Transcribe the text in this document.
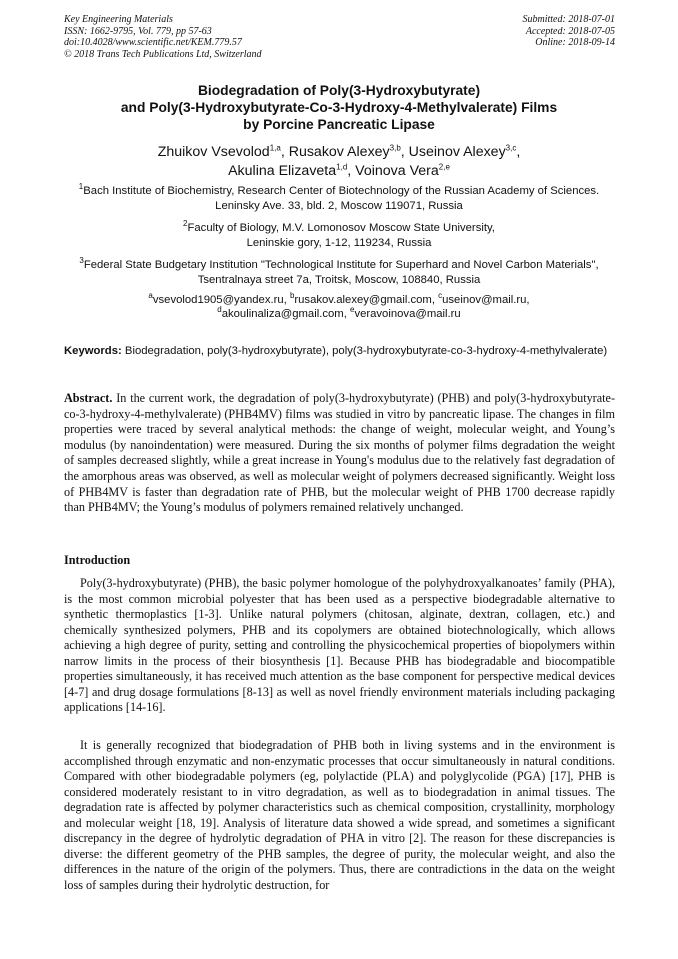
Key Engineering Materials
ISSN: 1662-9795, Vol. 779, pp 57-63
doi:10.4028/www.scientific.net/KEM.779.57
© 2018 Trans Tech Publications Ltd, Switzerland
Submitted: 2018-07-01
Accepted: 2018-07-05
Online: 2018-09-14
Biodegradation of Poly(3-Hydroxybutyrate)
and Poly(3-Hydroxybutyrate-Co-3-Hydroxy-4-Methylvalerate) Films
by Porcine Pancreatic Lipase
Zhuikov Vsevolod$^{1,a}$, Rusakov Alexey$^{3,b}$, Useinov Alexey$^{3,c}$,
Akulina Elizaveta$^{1,d}$, Voinova Vera$^{2,e}$
$^1$Bach Institute of Biochemistry, Research Center of Biotechnology of the Russian Academy of Sciences. Leninsky Ave. 33, bld. 2, Moscow 119071, Russia
$^2$Faculty of Biology, M.V. Lomonosov Moscow State University,
Leninskie gory, 1-12, 119234, Russia
$^3$Federal State Budgetary Institution "Technological Institute for Superhard and Novel Carbon Materials", Tsentralnaya street 7a, Troitsk, Moscow, 108840, Russia
$^a$vsevolod1905@yandex.ru, $^b$rusakov.alexey@gmail.com, $^c$useinov@mail.ru,
$^d$akoulinaliza@gmail.com, $^e$veravoinova@mail.ru
Keywords: Biodegradation, poly(3-hydroxybutyrate), poly(3-hydroxybutyrate-co-3-hydroxy-4-methylvalerate)
Abstract. In the current work, the degradation of poly(3-hydroxybutyrate) (PHB) and poly(3-hydroxybutyrate-co-3-hydroxy-4-methylvalerate) (PHB4MV) films was studied in vitro by pancreatic lipase. The changes in film properties were traced by several analytical methods: the change of weight, molecular weight, and Young’s modulus (by nanoindentation) were measured. During the six months of polymer films degradation the weight of samples decreased slightly, while a great increase in Young's modulus due to the relatively fast degradation of the amorphous areas was observed, as well as molecular weight of polymers decreased significantly. Weight loss of PHB4MV is faster than degradation rate of PHB, but the molecular weight of PHB 1700 decrease rapidly than PHB4MV; the Young’s modulus of polymers remained relatively unchanged.
Introduction
Poly(3-hydroxybutyrate) (PHB), the basic polymer homologue of the polyhydroxyalkanoates’ family (PHA), is the most common microbial polyester that has been used as a perspective biodegradable alternative to synthetic thermoplastics [1-3]. Unlike natural polymers (chitosan, alginate, dextran, collagen, etc.) and chemically synthesized polymers, PHB and its copolymers are obtained biotechnologically, which allows achieving a high degree of purity, setting and controlling the physicochemical properties of biopolymers within narrow limits in the process of their biosynthesis [1]. Because PHB has biodegradable and biocompatible properties simultaneously, it has received much attention as the base component for perspective medical devices [4-7] and drug dosage formulations [8-13] as well as novel friendly environment materials including packaging applications [14-16].
It is generally recognized that biodegradation of PHB both in living systems and in the environment is accomplished through enzymatic and non-enzymatic processes that occur simultaneously in natural conditions. Compared with other biodegradable polymers (eg, polylactide (PLA) and polyglycolide (PGA) [17], PHB is considered moderately resistant to in vitro degradation, as well as to biodegradation in animal tissues. The degradation rate is affected by polymer characteristics such as chemical composition, crystallinity, morphology and molecular weight [18, 19]. Analysis of literature data showed a wide spread, and sometimes a significant discrepancy in the degree of hydrolytic degradation of PHA in vitro [2]. The reason for these discrepancies is diverse: the different geometry of the PHB samples, the degree of purity, the molecular weight, and also the differences in the nature of the origin of the polymers. Thus, there are contradictions in the data on the weight loss of samples during their hydrolytic destruction, for
